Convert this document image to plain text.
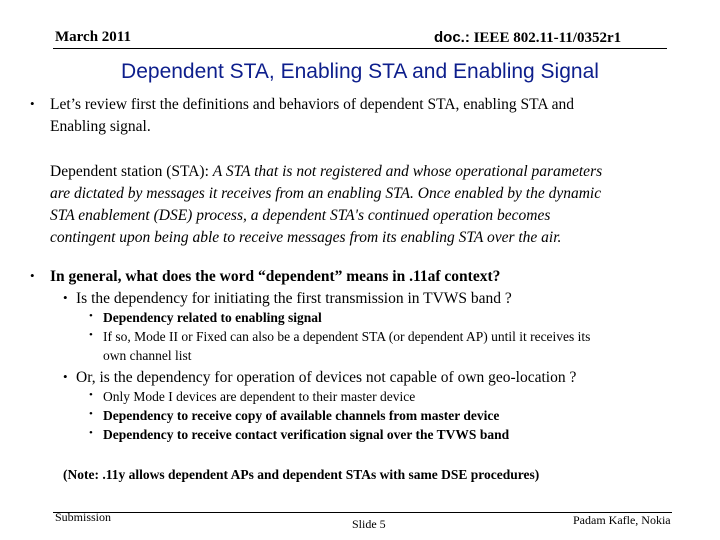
March 2011	doc.: IEEE 802.11-11/0352r1
Dependent STA, Enabling STA and Enabling Signal
• Let’s review first the definitions and behaviors of dependent STA, enabling STA and
Enabling signal.
Dependent station (STA): A STA that is not registered and whose operational parameters
are dictated by messages it receives from an enabling STA. Once enabled by the dynamic
STA enablement (DSE) process, a dependent STA's continued operation becomes
contingent upon being able to receive messages from its enabling STA over the air.
• In general, what does the word “dependent” means in .11af context?
• Is the dependency for initiating the first transmission in TVWS band ?
• Dependency related to enabling signal
• If so, Mode II or Fixed can also be a dependent STA (or dependent AP) until it receives its
own channel list
• Or, is the dependency for operation of devices not capable of own geo-location ?
• Only Mode I devices are dependent to their master device
• Dependency to receive copy of available channels from master device
• Dependency to receive contact verification signal over the TVWS band
(Note: .11y allows dependent APs and dependent STAs with same DSE procedures)
Submission	Slide 5	Padam Kafle, Nokia
